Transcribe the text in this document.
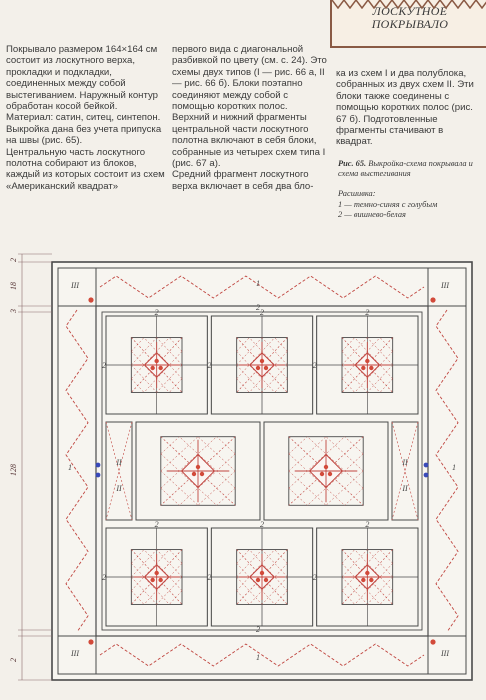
ЛОСКУТНОЕ
ПОКРЫВАЛО

Покрывало размером 164×164 см состоит из лоскутного верха, прокладки и подкладки, соединенных между собой выстегиванием. Наружный контур обработан косой бейкой. Материал: сатин, ситец, синтепон. Выкройка дана без учета припуска на швы (рис. 65).

Центральную часть лоскутного полотна собирают из блоков, каждый из которых состоит из схем «Американский квадрат»

первого вида с диагональной разбивкой по цвету (см. с. 24). Это схемы двух типов (I — рис. 66 а, II — рис. 66 б). Блоки поэтапно соединяют между собой с помощью коротких полос.

Верхний и нижний фрагменты центральной части лоскутного полотна включают в себя блоки, собранные из четырех схем типа I (рис. 67 а).

Средний фрагмент лоскутного верха включает в себя два бло-

ка из схем I и два полублока, собранных из двух схем II. Эти блоки также соединены с помощью коротких полос (рис. 67 б). Подготовленные фрагменты стачивают в квадрат.

Рис. 65. Выкройка-схема покрывала и схема выстегивания

Расшивка:

1 — темно-синяя с голубым

2 — вишнево-белая

III	III
III	III
1
1
1	1
2
2
2
2
2
2
2
2
2
2
2
2
2
2
II
II
II
II
2
18
3
128
2
